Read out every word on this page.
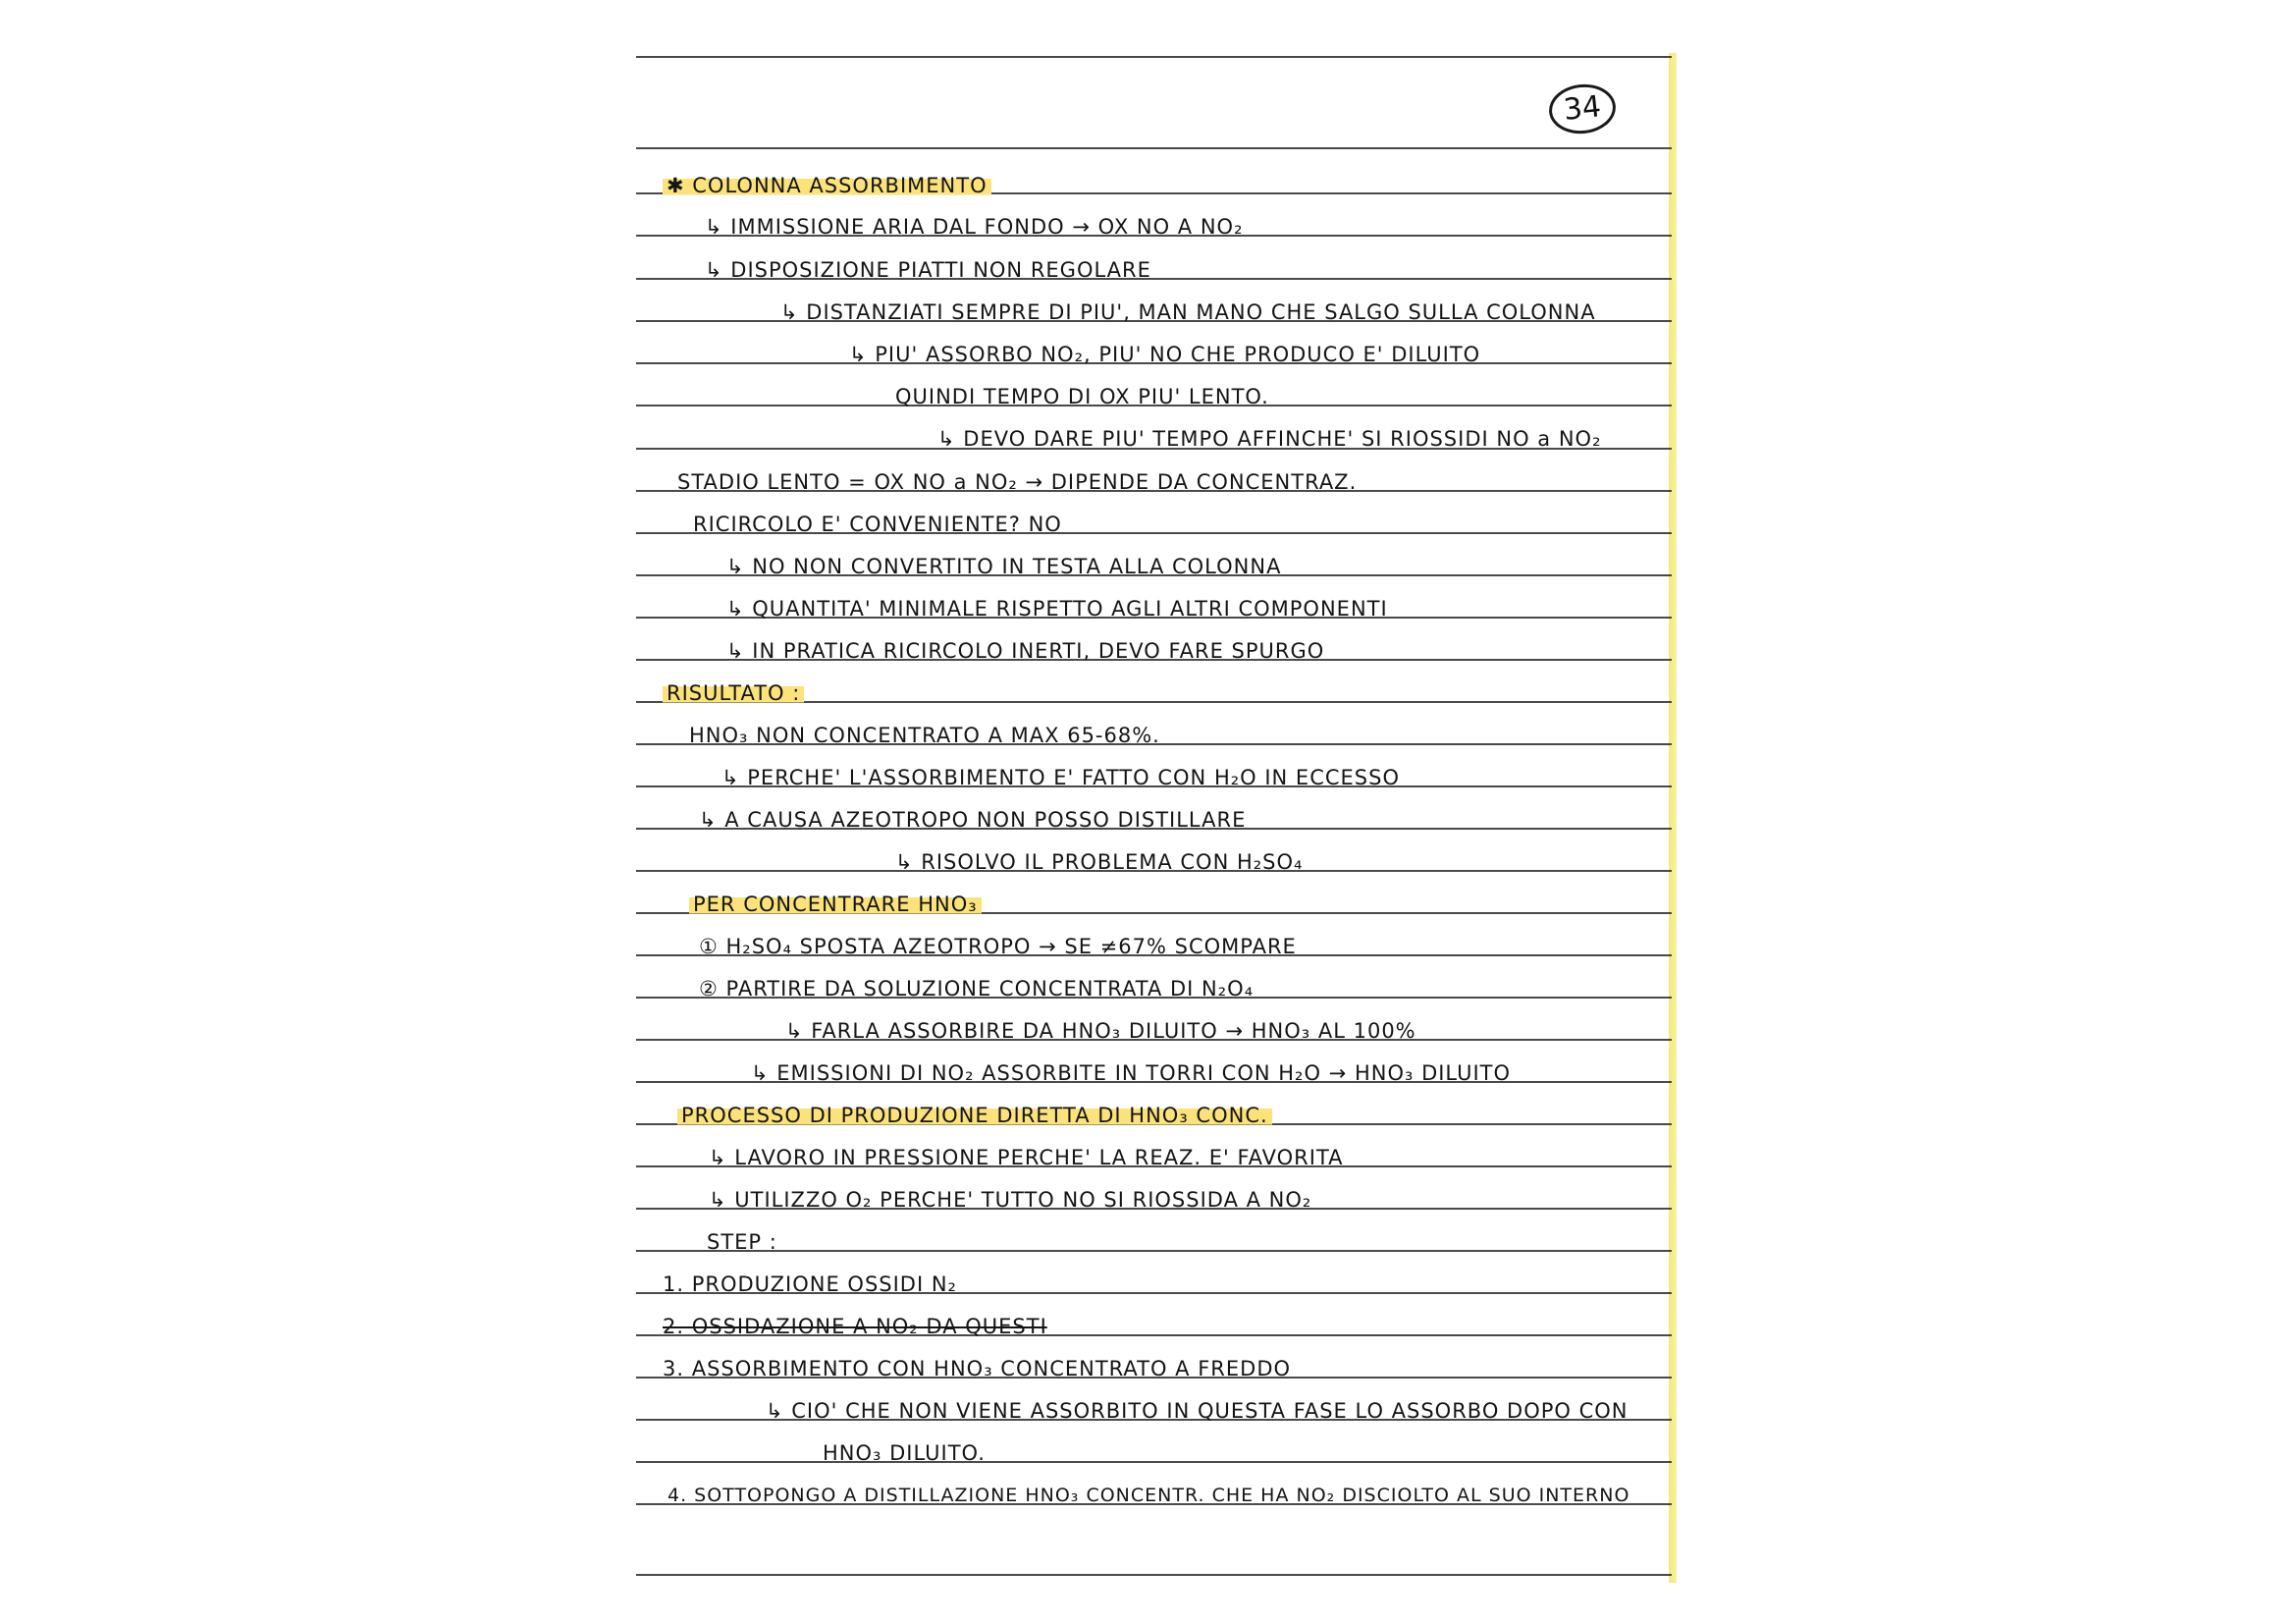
34
✱ COLONNA ASSORBIMENTO
↳ IMMISSIONE ARIA DAL FONDO → OX NO A NO₂
↳ DISPOSIZIONE PIATTI NON REGOLARE
↳ DISTANZIATI SEMPRE DI PIU', MAN MANO CHE SALGO SULLA COLONNA
↳ PIU' ASSORBO NO₂, PIU' NO CHE PRODUCO E' DILUITO
QUINDI TEMPO DI OX PIU' LENTO.
↳ DEVO DARE PIU' TEMPO AFFINCHE' SI RIOSSIDI NO a NO₂
STADIO LENTO = OX NO a NO₂ → DIPENDE DA CONCENTRAZ.
RICIRCOLO E' CONVENIENTE? NO
↳ NO NON CONVERTITO IN TESTA ALLA COLONNA
↳ QUANTITA' MINIMALE RISPETTO AGLI ALTRI COMPONENTI
↳ IN PRATICA RICIRCOLO INERTI, DEVO FARE SPURGO
RISULTATO :
HNO₃ NON CONCENTRATO A MAX 65-68%.
↳ PERCHE' L'ASSORBIMENTO E' FATTO CON H₂O IN ECCESSO
↳ A CAUSA AZEOTROPO NON POSSO DISTILLARE
↳ RISOLVO IL PROBLEMA CON H₂SO₄
PER CONCENTRARE HNO₃
① H₂SO₄ SPOSTA AZEOTROPO → SE ≠67% SCOMPARE
② PARTIRE DA SOLUZIONE CONCENTRATA DI N₂O₄
↳ FARLA ASSORBIRE DA HNO₃ DILUITO → HNO₃ AL 100%
↳ EMISSIONI DI NO₂ ASSORBITE IN TORRI CON H₂O → HNO₃ DILUITO
PROCESSO DI PRODUZIONE DIRETTA DI HNO₃ CONC.
↳ LAVORO IN PRESSIONE PERCHE' LA REAZ. E' FAVORITA
↳ UTILIZZO O₂ PERCHE' TUTTO NO SI RIOSSIDA A NO₂
STEP :
1. PRODUZIONE OSSIDI N₂
2. OSSIDAZIONE A NO₂ DA QUESTI
3. ASSORBIMENTO CON HNO₃ CONCENTRATO A FREDDO
↳ CIO' CHE NON VIENE ASSORBITO IN QUESTA FASE LO ASSORBO DOPO CON
HNO₃ DILUITO.
4. SOTTOPONGO A DISTILLAZIONE HNO₃ CONCENTR. CHE HA NO₂ DISCIOLTO AL SUO INTERNO
